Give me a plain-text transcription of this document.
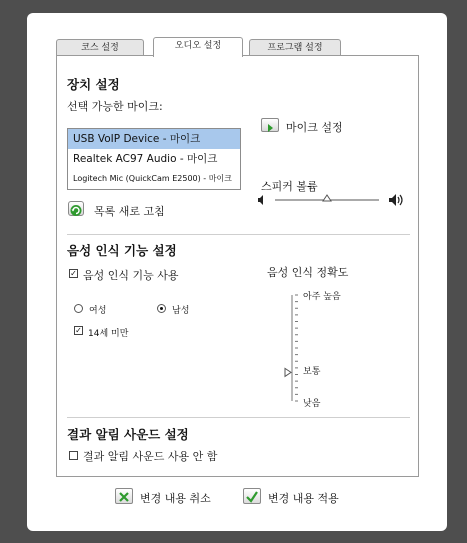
코스 설정	오디오 설정	프로그램 설정
장치 설정
선택 가능한 마이크:
USB VoIP Device - 마이크
Realtek AC97 Audio - 마이크
Logitech Mic (QuickCam E2500) - 마이크
마이크 설정
목록 새로 고침
스피커 볼륨
음성 인식 기능 설정
✓ 음성 인식 기능 사용
여성	남성
✓ 14세 미만
음성 인식 정확도
아주 높음
보통
낮음
결과 알림 사운드 설정
결과 알림 사운드 사용 안 함
변경 내용 취소	변경 내용 적용
